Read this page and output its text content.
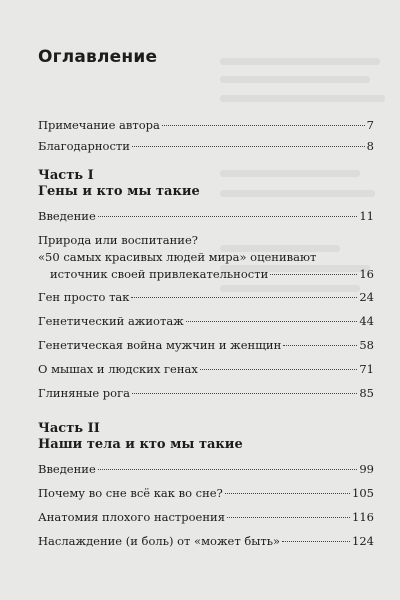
Оглавление
Примечание автора	7
Благодарности	8
Часть I
Гены и кто мы такие
Введение	11
Природа или воспитание?
«50 самых красивых людей мира» оценивают
источник своей привлекательности	16
Ген просто так	24
Генетический ажиотаж	44
Генетическая война мужчин и женщин	58
О мышах и людских генах	71
Глиняные рога	85
Часть II
Наши тела и кто мы такие
Введение	99
Почему во сне всё как во сне?	105
Анатомия плохого настроения	116
Наслаждение (и боль) от «может быть»	124
